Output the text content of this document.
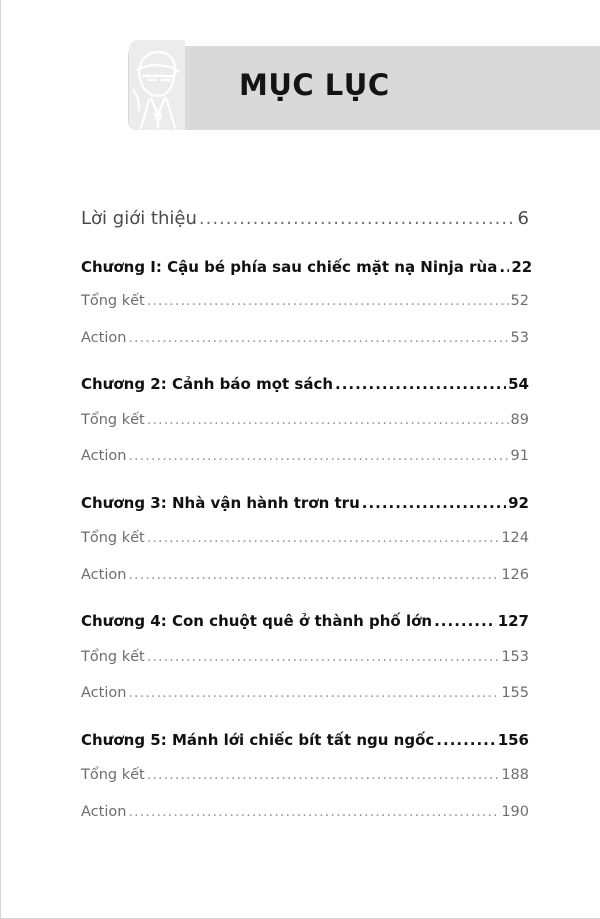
MỤC LỤC
Lời giới thiệu .....	6
Chương I: Cậu bé phía sau chiếc mặt nạ Ninja rùa ..... 22
Tổng kết .....	52
Action .....	53
Chương 2: Cảnh báo mọt sách .....	54
Tổng kết .....	89
Action .....	91
Chương 3: Nhà vận hành trơn tru .....	92
Tổng kết .....	124
Action .....	126
Chương 4: Con chuột quê ở thành phố lớn .....	127
Tổng kết .....	153
Action .....	155
Chương 5: Mánh lới chiếc bít tất ngu ngốc .....	156
Tổng kết .....	188
Action .....	190
